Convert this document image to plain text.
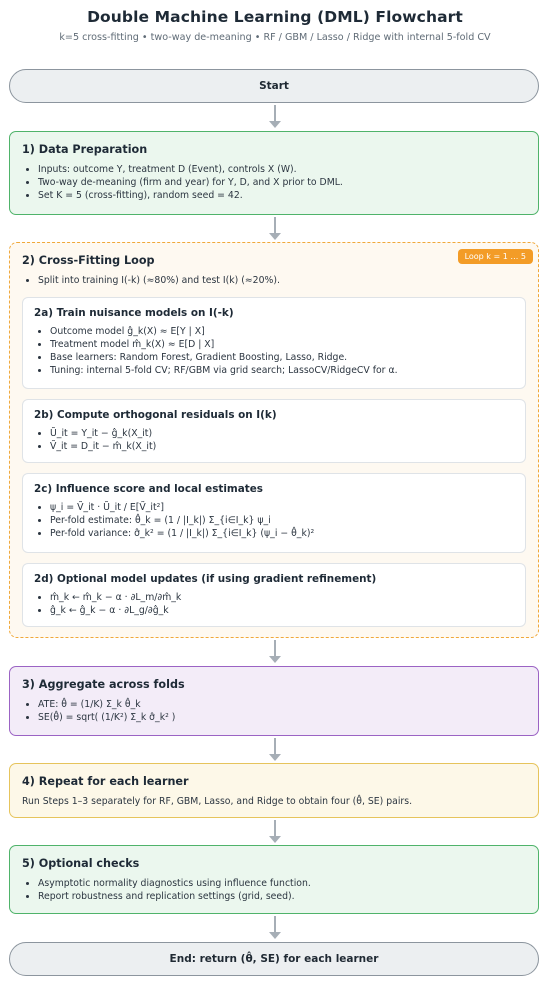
Double Machine Learning (DML) Flowchart
k=5 cross-fitting • two-way de-meaning • RF / GBM / Lasso / Ridge with internal 5-fold CV
Start
1) Data Preparation
• Inputs: outcome Y, treatment D (Event), controls X (W).
• Two-way de-meaning (firm and year) for Y, D, and X prior to DML.
• Set K = 5 (cross-fitting), random seed = 42.
Loop k = 1 … 5
2) Cross-Fitting Loop
• Split into training I(-k) (≈80%) and test I(k) (≈20%).
2a) Train nuisance models on I(-k)
• Outcome model ĝ_k(X) ≈ E[Y | X]
• Treatment model m̂_k(X) ≈ E[D | X]
• Base learners: Random Forest, Gradient Boosting, Lasso, Ridge.
• Tuning: internal 5-fold CV; RF/GBM via grid search; LassoCV/RidgeCV for α.
2b) Compute orthogonal residuals on I(k)
• Ũ_it = Y_it − ĝ_k(X_it)
• Ṽ_it = D_it − m̂_k(X_it)
2c) Influence score and local estimates
• ψ_i = Ṽ_it · Ũ_it / E[Ṽ_it²]
• Per-fold estimate: θ̂_k = (1 / |I_k|) Σ_{i∈I_k} ψ_i
• Per-fold variance: σ̂_k² = (1 / |I_k|) Σ_{i∈I_k} (ψ_i − θ̂_k)²
2d) Optional model updates (if using gradient refinement)
• m̂_k ← m̂_k − α · ∂L_m/∂m̂_k
• ĝ_k ← ĝ_k − α · ∂L_g/∂ĝ_k
3) Aggregate across folds
• ATE: θ̂ = (1/K) Σ_k θ̂_k
• SE(θ̂) = sqrt( (1/K²) Σ_k σ̂_k² )
4) Repeat for each learner
Run Steps 1–3 separately for RF, GBM, Lasso, and Ridge to obtain four (θ̂, SE) pairs.
5) Optional checks
• Asymptotic normality diagnostics using influence function.
• Report robustness and replication settings (grid, seed).
End: return (θ̂, SE) for each learner
